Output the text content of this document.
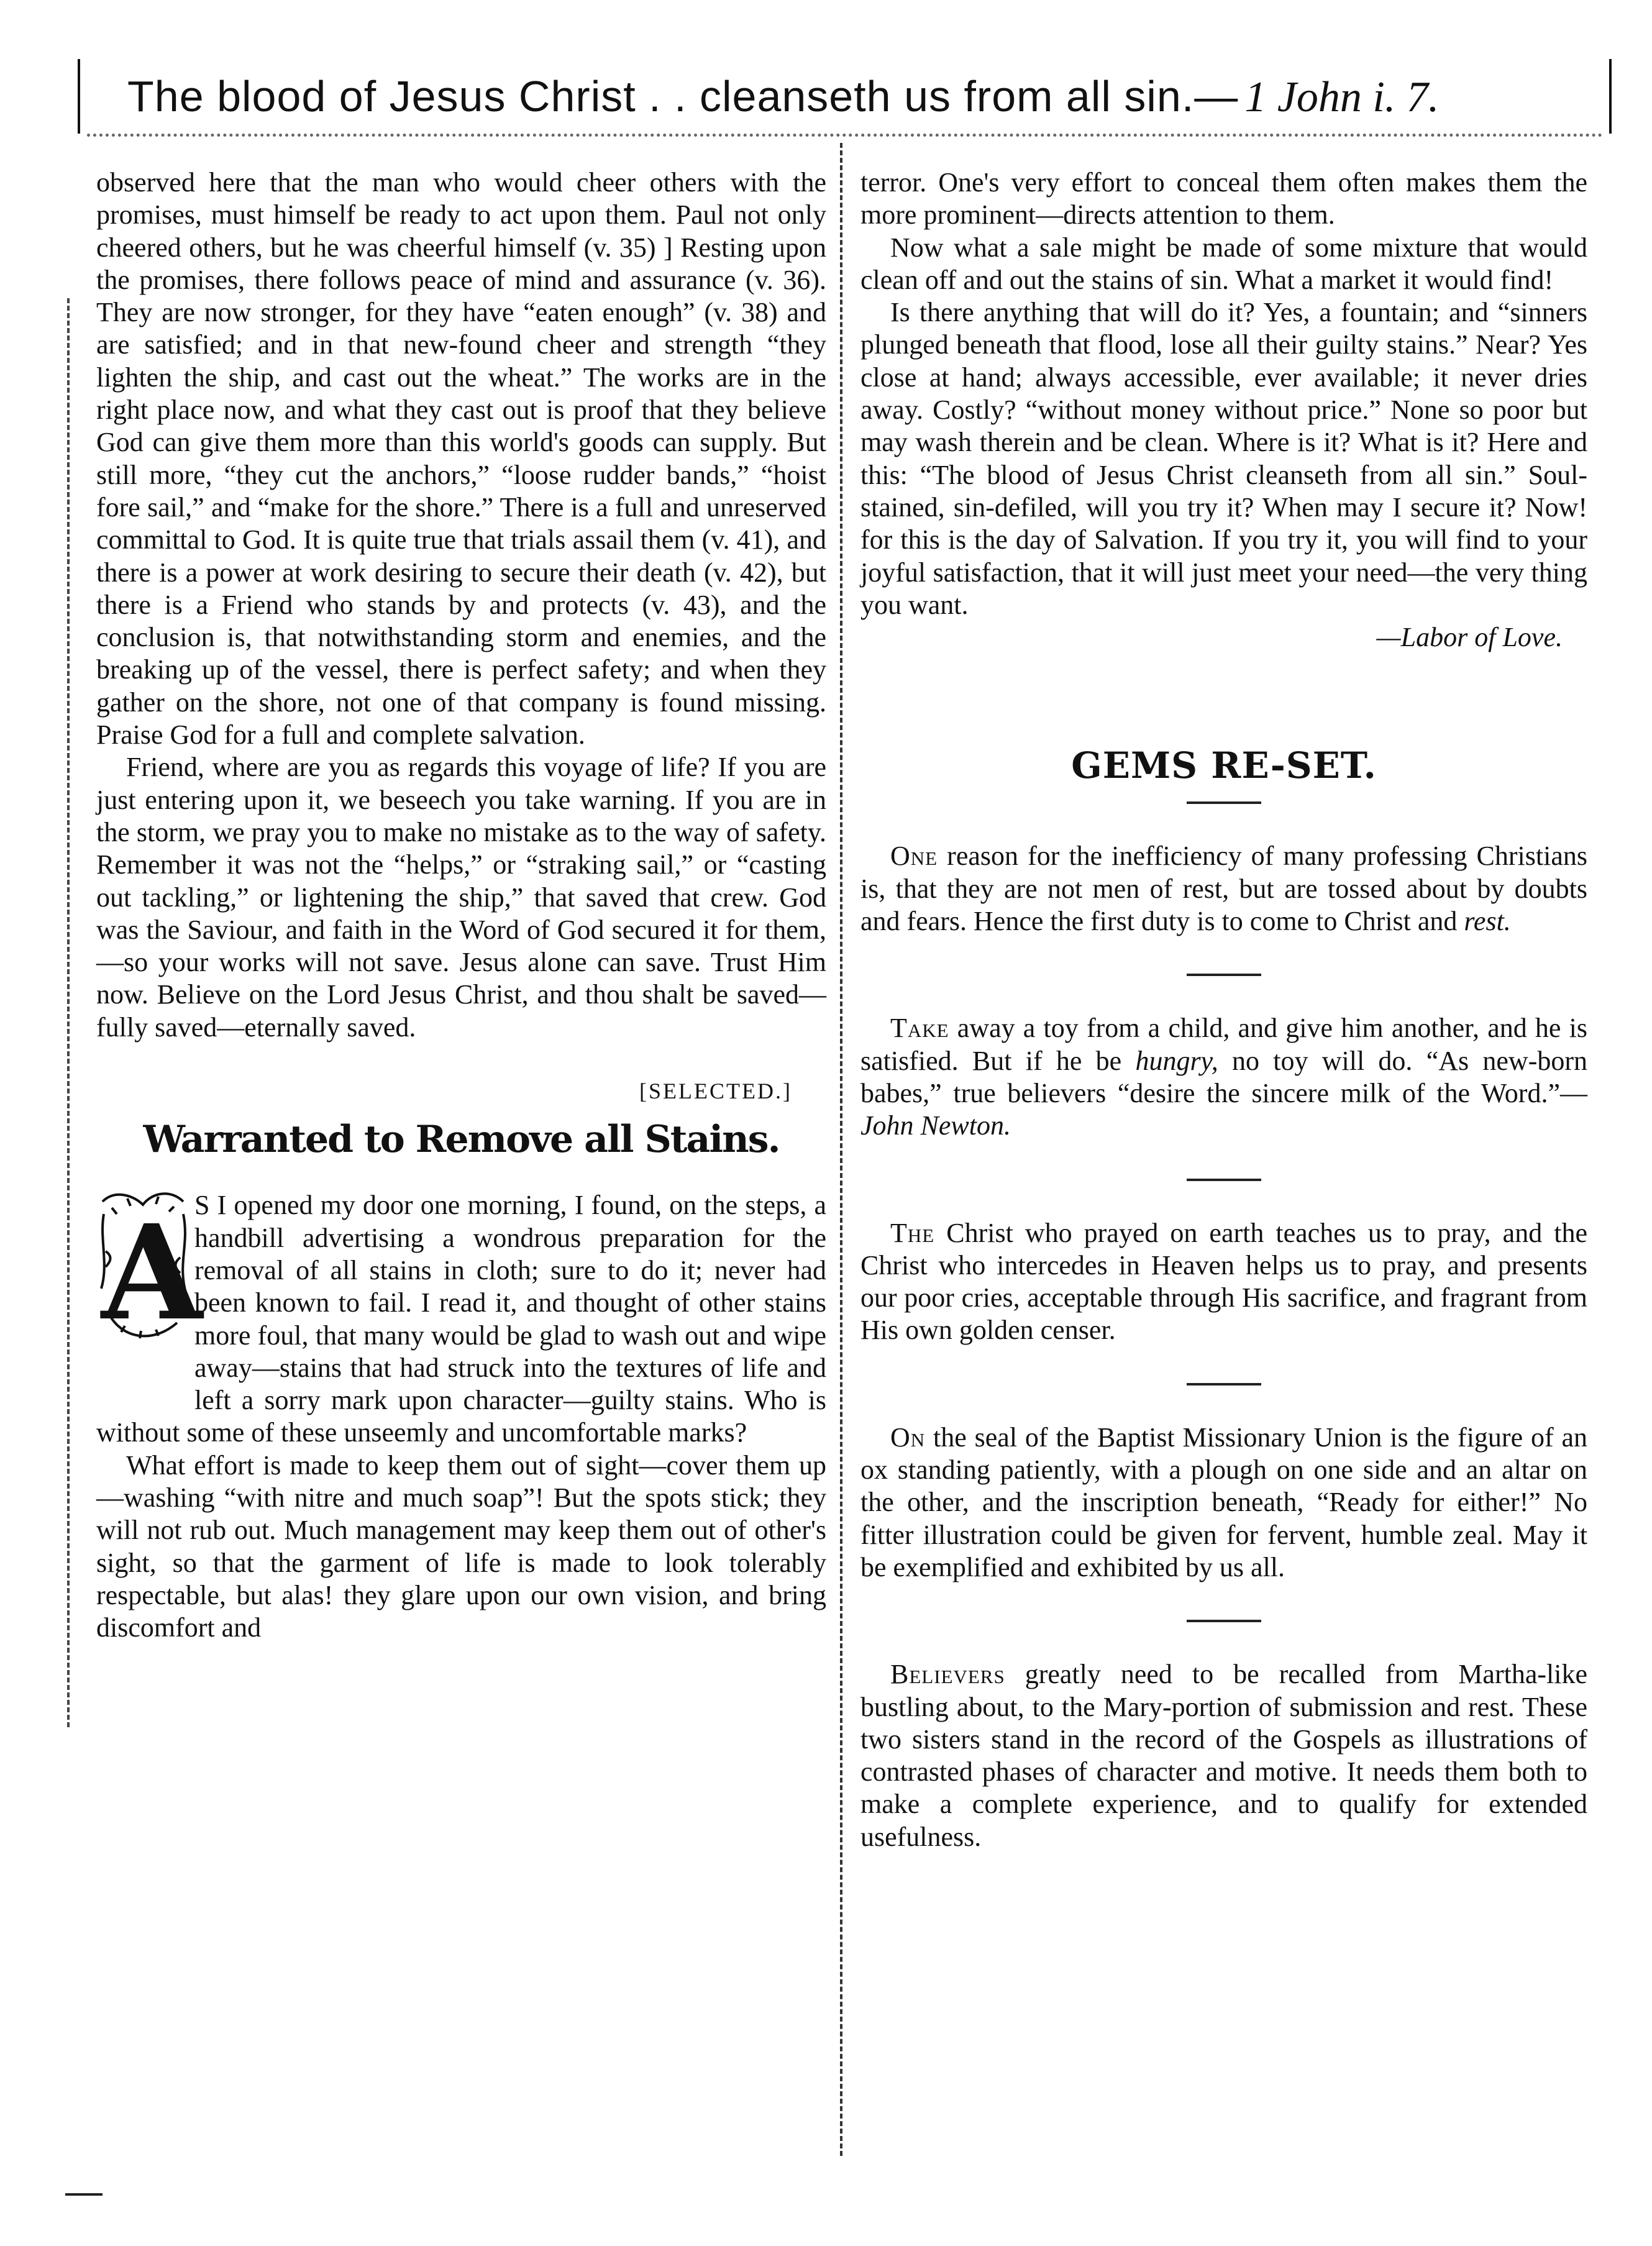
The blood of Jesus Christ . . cleanseth us from all sin.— 1 John i. 7.

observed here that the man who would cheer others with the promises, must himself be ready to act upon them. Paul not only cheered others, but he was cheerful himself (v. 35) ] Resting upon the promises, there follows peace of mind and assurance (v. 36). They are now stronger, for they have “eaten enough” (v. 38) and are satisfied; and in that new-found cheer and strength “they lighten the ship, and cast out the wheat.” The works are in the right place now, and what they cast out is proof that they believe God can give them more than this world's goods can supply. But still more, “they cut the anchors,” “loose rudder bands,” “hoist fore sail,” and “make for the shore.” There is a full and unreserved committal to God. It is quite true that trials assail them (v. 41), and there is a power at work desiring to secure their death (v. 42), but there is a Friend who stands by and protects (v. 43), and the conclusion is, that notwithstanding storm and enemies, and the breaking up of the vessel, there is perfect safety; and when they gather on the shore, not one of that company is found missing. Praise God for a full and complete salvation.

Friend, where are you as regards this voyage of life? If you are just entering upon it, we beseech you take warning. If you are in the storm, we pray you to make no mistake as to the way of safety. Remember it was not the “helps,” or “straking sail,” or “casting out tackling,” or lightening the ship,” that saved that crew. God was the Saviour, and faith in the Word of God secured it for them,—so your works will not save. Jesus alone can save. Trust Him now. Believe on the Lord Jesus Christ, and thou shalt be saved—fully saved—eternally saved.

[SELECTED.]
Warranted to Remove all Stains.
A

S I opened my door one morning, I found, on the steps, a handbill advertising a wondrous preparation for the removal of all stains in cloth; sure to do it; never had been known to fail. I read it, and thought of other stains more foul, that many would be glad to wash out and wipe away—stains that had struck into the textures of life and left a sorry mark upon character—guilty stains. Who is without some of these unseemly and uncomfortable marks?

What effort is made to keep them out of sight—cover them up—washing “with nitre and much soap”! But the spots stick; they will not rub out. Much management may keep them out of other's sight, so that the garment of life is made to look tolerably respectable, but alas! they glare upon our own vision, and bring discomfort and

terror. One's very effort to conceal them often makes them the more prominent—directs attention to them.

Now what a sale might be made of some mixture that would clean off and out the stains of sin. What a market it would find!

Is there anything that will do it? Yes, a fountain; and “sinners plunged beneath that flood, lose all their guilty stains.” Near? Yes close at hand; always accessible, ever available; it never dries away. Costly? “without money without price.” None so poor but may wash therein and be clean. Where is it? What is it? Here and this: “The blood of Jesus Christ cleanseth from all sin.” Soul-stained, sin-defiled, will you try it? When may I secure it? Now! for this is the day of Salvation. If you try it, you will find to your joyful satisfaction, that it will just meet your need—the very thing you want.

—Labor of Love.

GEMS RE-SET.

One reason for the inefficiency of many professing Christians is, that they are not men of rest, but are tossed about by doubts and fears. Hence the first duty is to come to Christ and rest.

Take away a toy from a child, and give him another, and he is satisfied. But if he be hungry, no toy will do. “As new-born babes,” true believers “desire the sincere milk of the Word.”—John Newton.

The Christ who prayed on earth teaches us to pray, and the Christ who intercedes in Heaven helps us to pray, and presents our poor cries, acceptable through His sacrifice, and fragrant from His own golden censer.

On the seal of the Baptist Missionary Union is the figure of an ox standing patiently, with a plough on one side and an altar on the other, and the inscription beneath, “Ready for either!” No fitter illustration could be given for fervent, humble zeal. May it be exemplified and exhibited by us all.

Believers greatly need to be recalled from Martha-like bustling about, to the Mary-portion of submission and rest. These two sisters stand in the record of the Gospels as illustrations of contrasted phases of character and motive. It needs them both to make a complete experience, and to qualify for extended usefulness.
